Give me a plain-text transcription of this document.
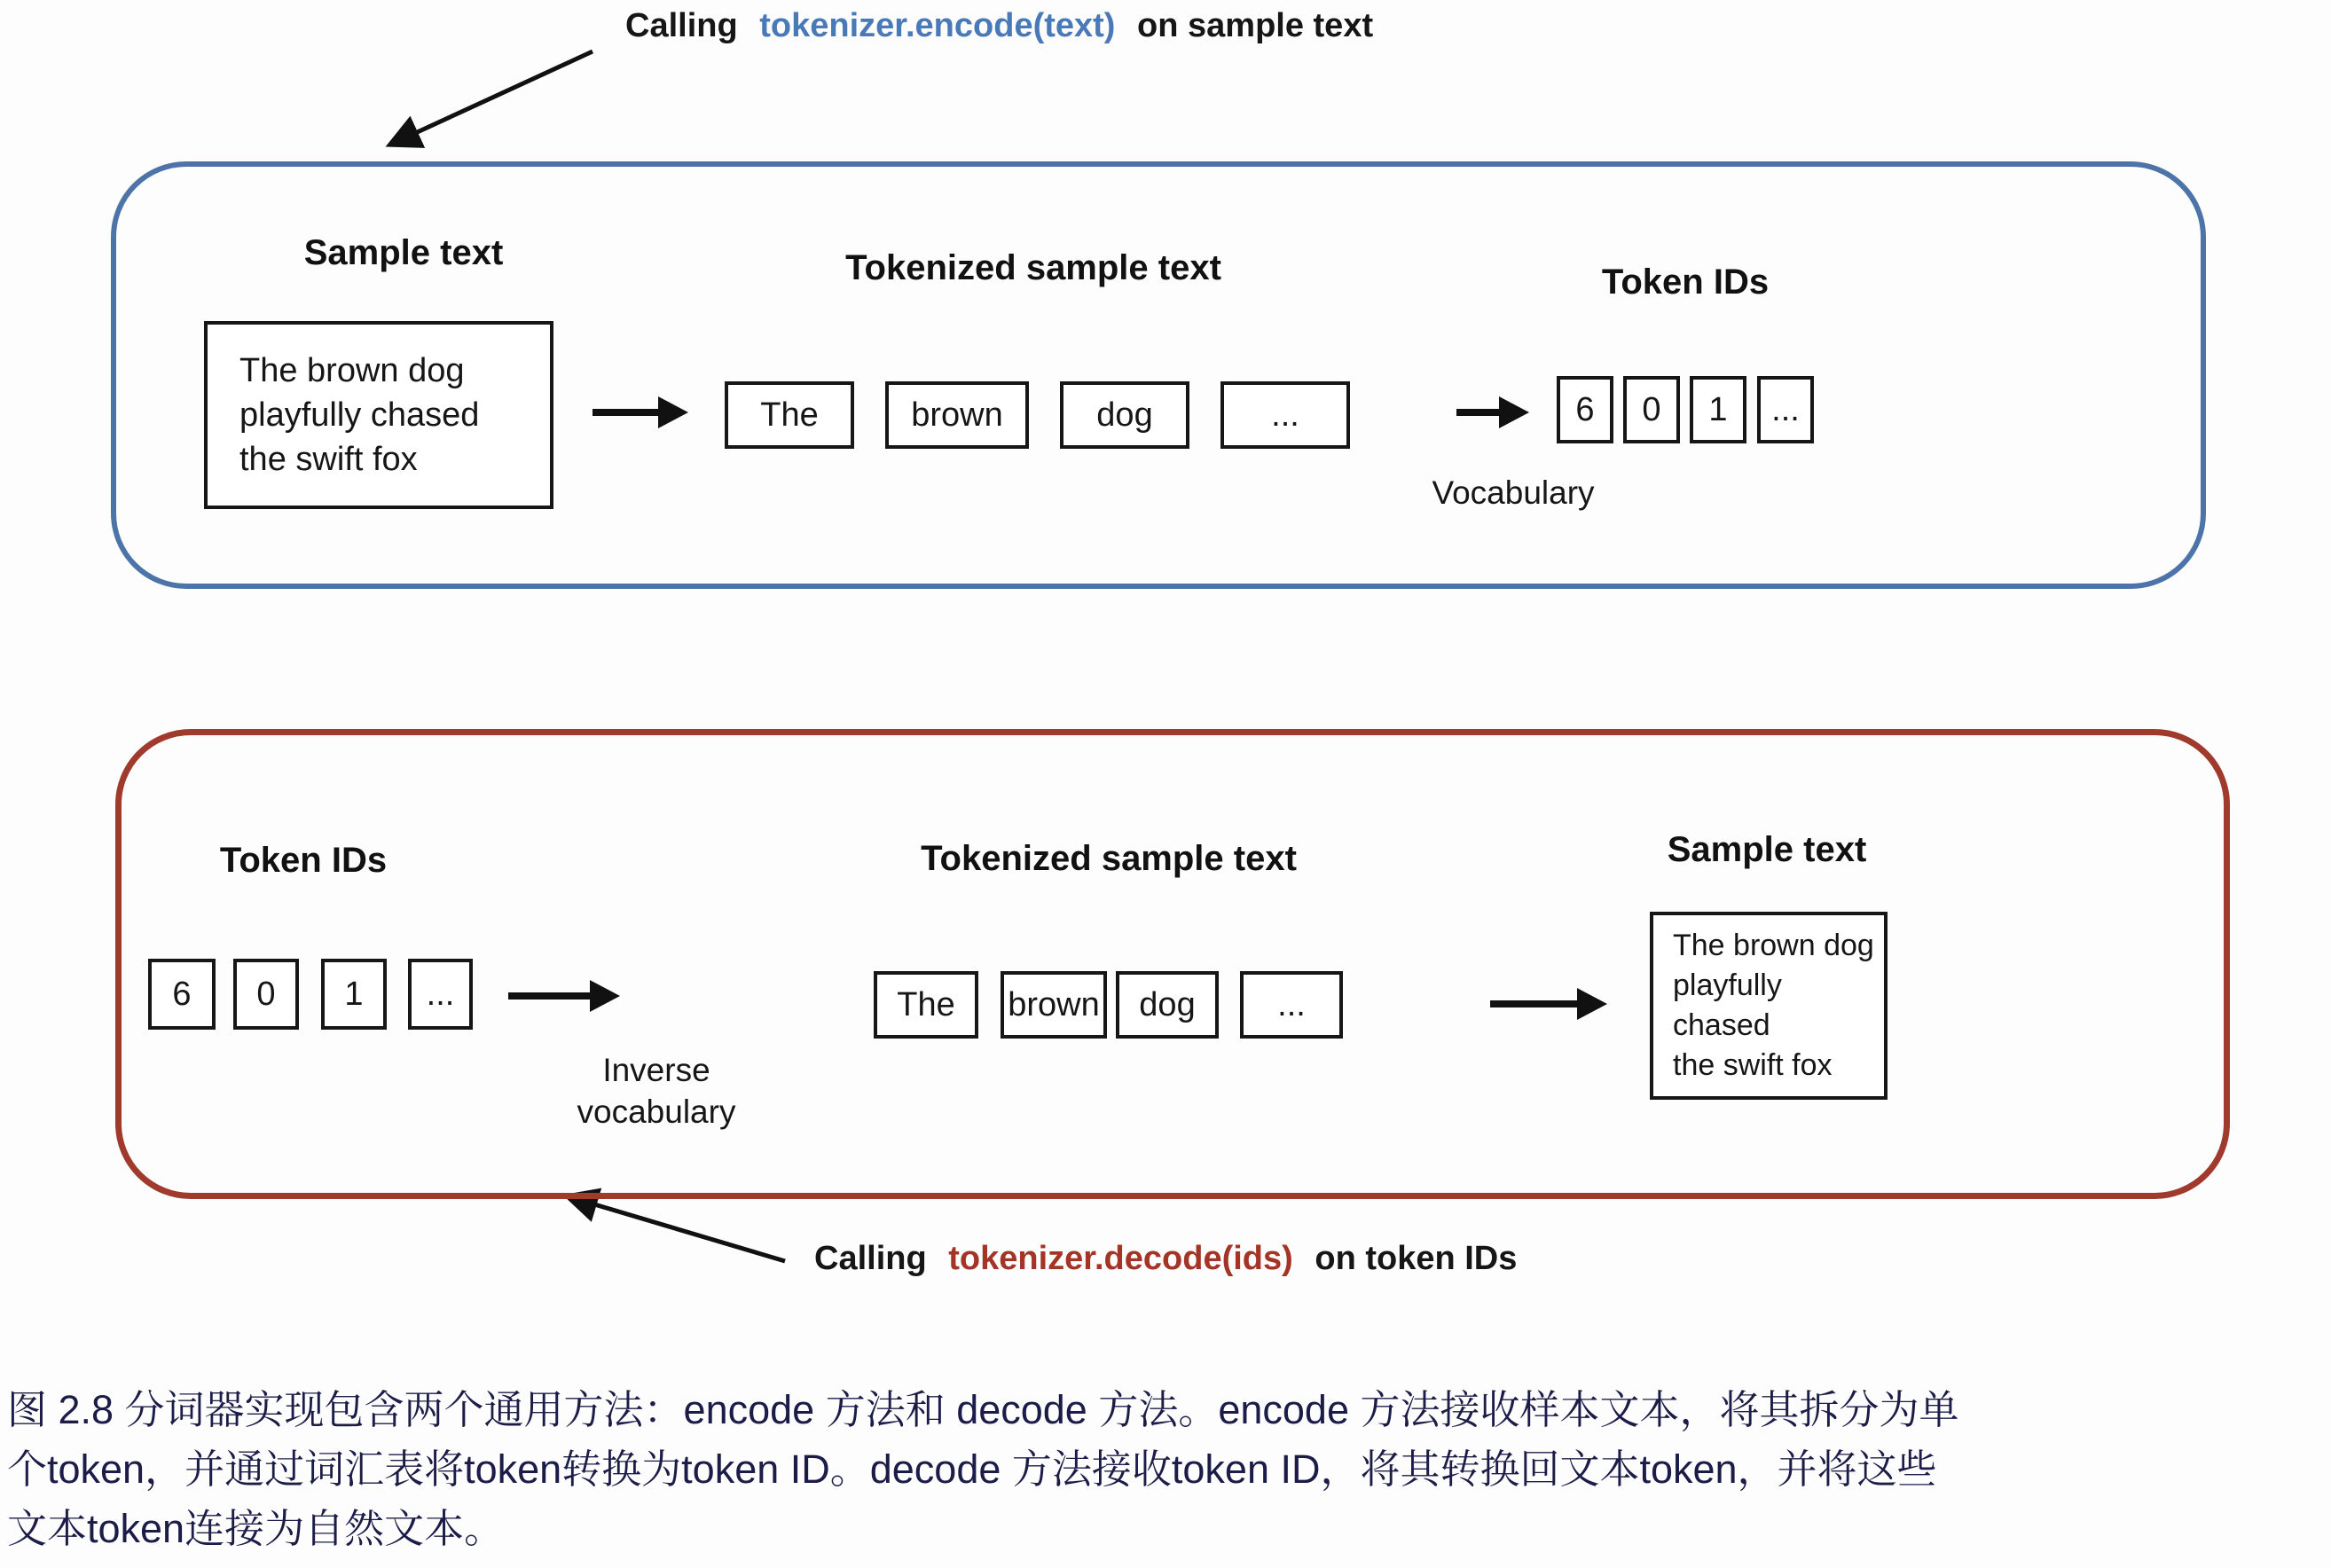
Calling tokenizer.encode(text) on sample text
Sample text
The brown dog
playfully chased
the swift fox
Tokenized sample text
The	brown	dog	...
Vocabulary
Token IDs
6	0	1	...
Token IDs
6	0	1	...
Inverse
vocabulary
Tokenized sample text
The	brown	dog	...
Sample text
The brown dog
playfully chased
the swift fox
Calling tokenizer.decode(ids) on token IDs
图 2.8 分词器实现包含两个通用方法：encode 方法和 decode 方法。encode 方法接收样本文本，将其拆分为单
个token，并通过词汇表将token转换为token ID。decode 方法接收token ID，将其转换回文本token，并将这些
文本token连接为自然文本。
